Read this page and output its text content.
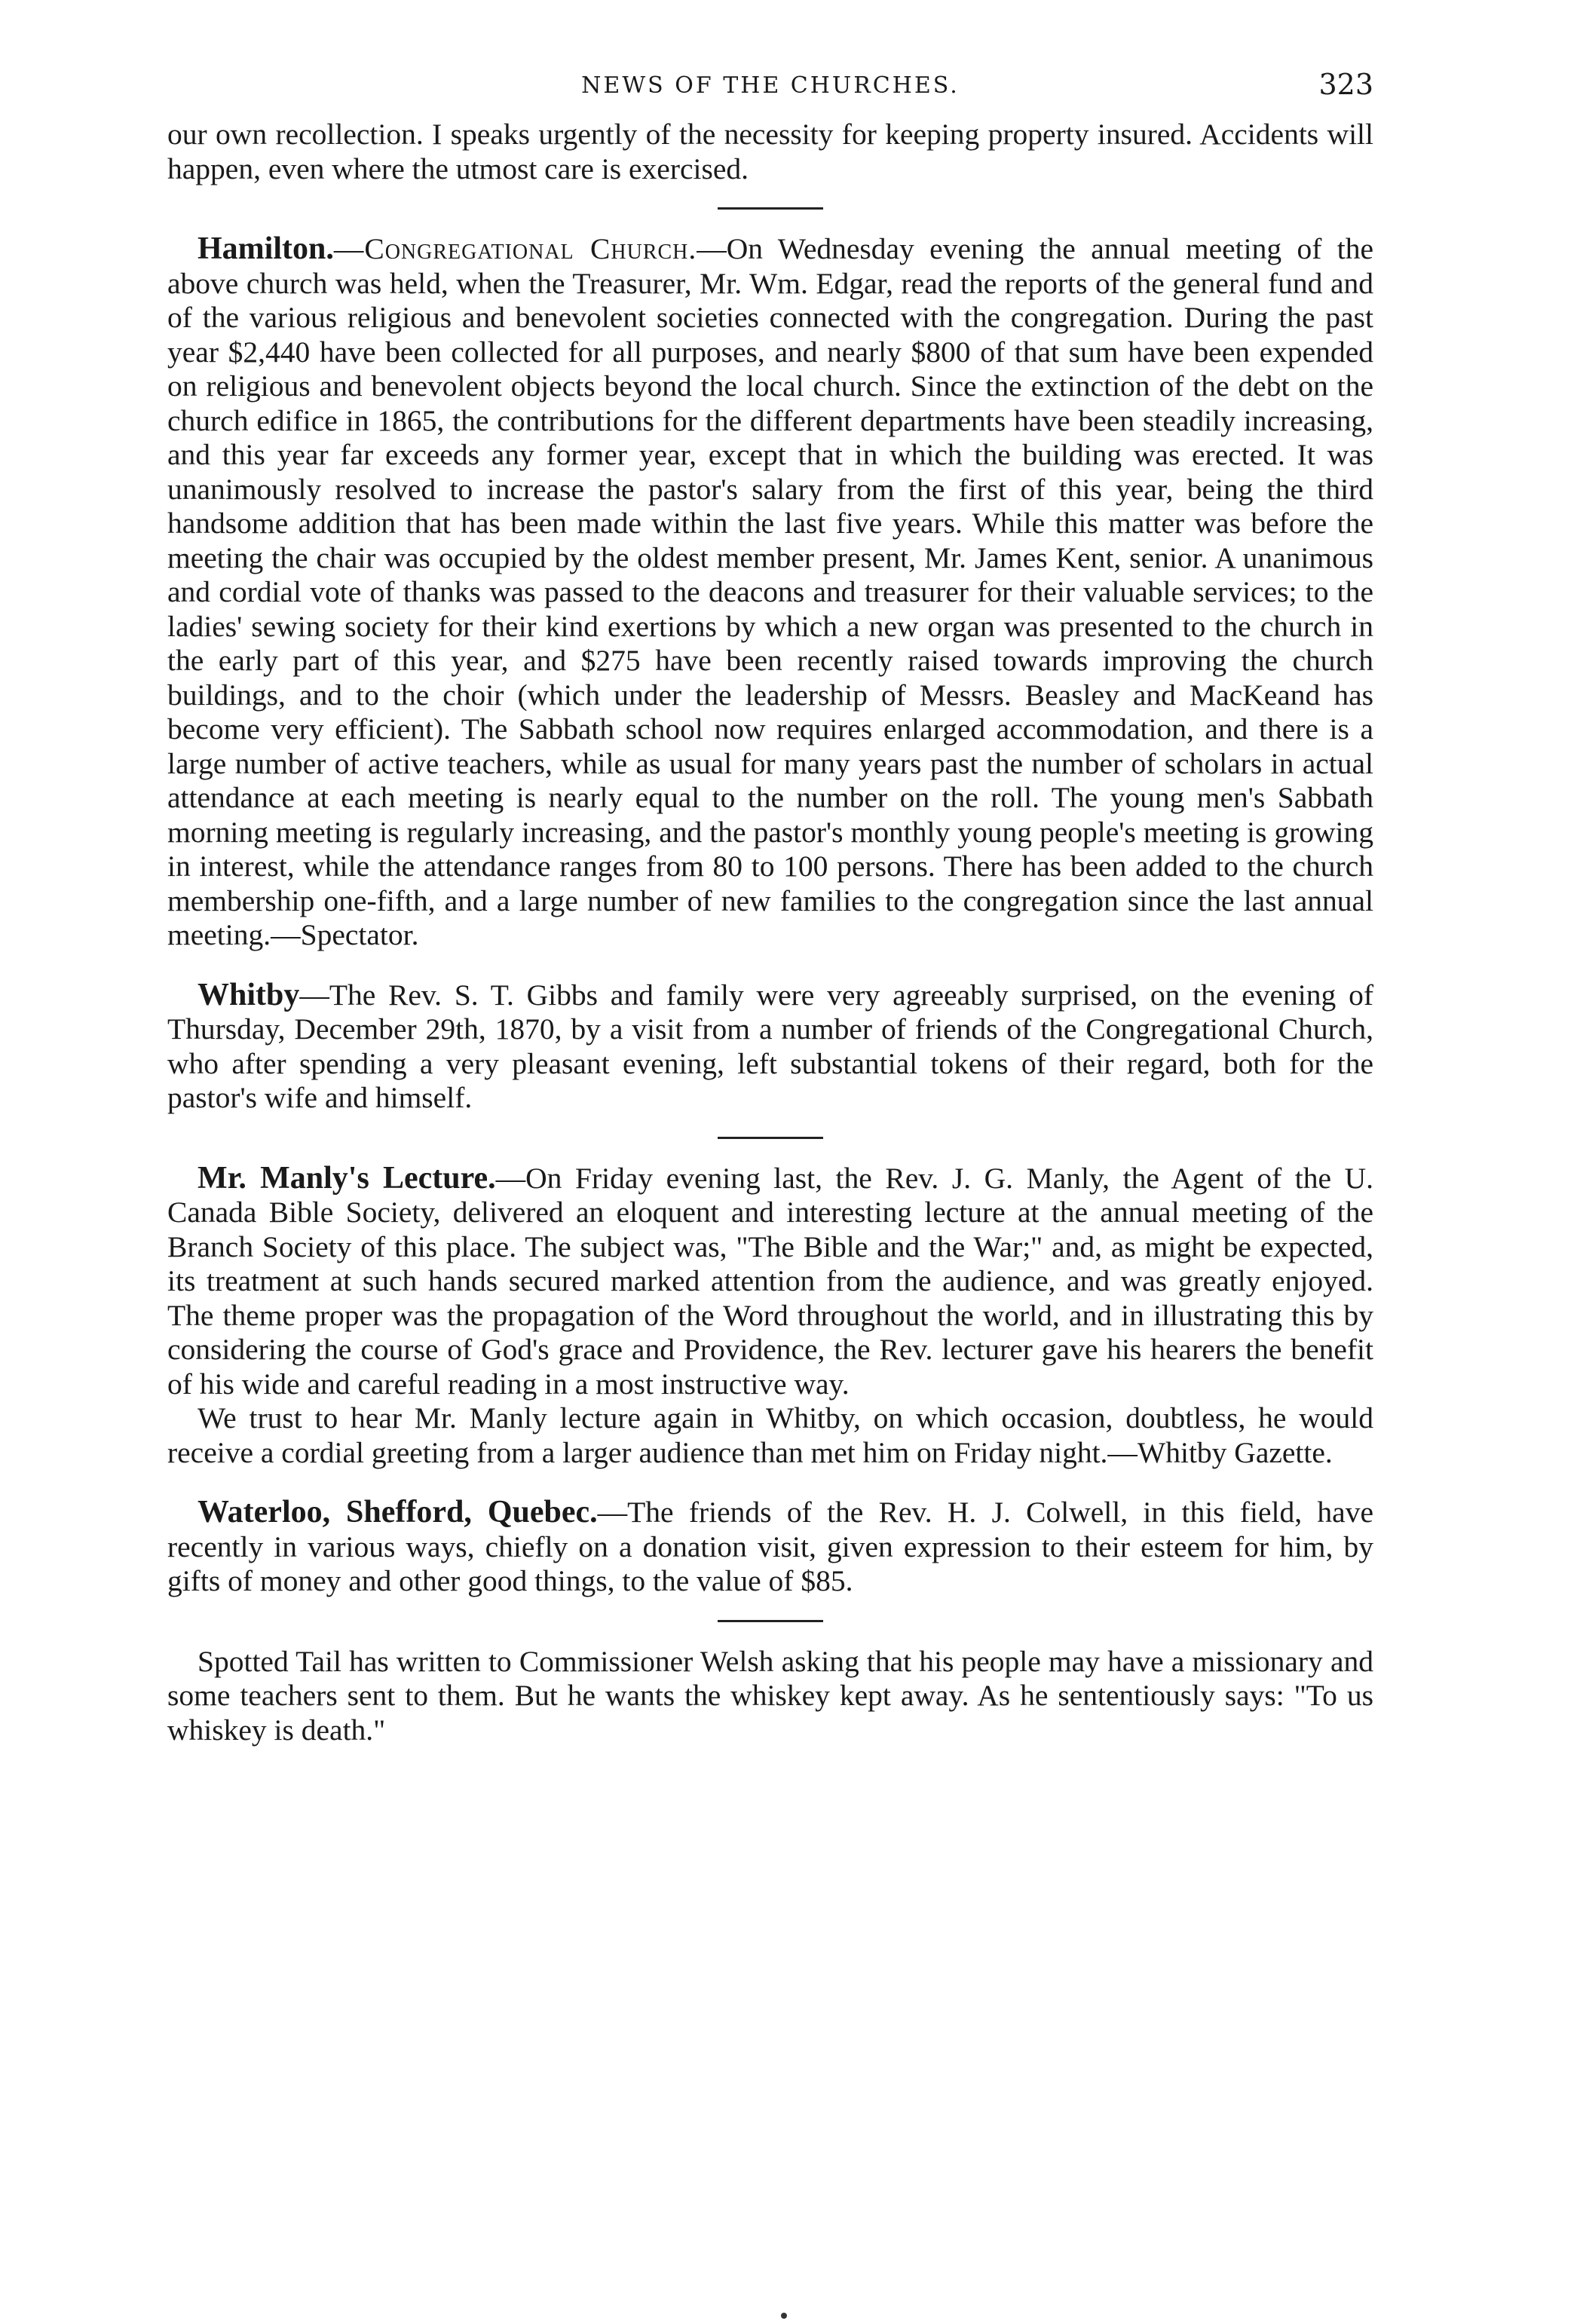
NEWS OF THE CHURCHES.	323

our own recollection. I speaks urgently of the necessity for keeping property insured. Accidents will happen, even where the utmost care is exercised.

Hamilton.—Congregational Church.—On Wednesday evening the annual meeting of the above church was held, when the Treasurer, Mr. Wm. Edgar, read the reports of the general fund and of the various religious and benevolent societies connected with the congregation. During the past year $2,440 have been collected for all purposes, and nearly $800 of that sum have been expended on religious and benevolent objects beyond the local church. Since the extinction of the debt on the church edifice in 1865, the contributions for the different departments have been steadily increasing, and this year far exceeds any former year, except that in which the building was erected. It was unanimously resolved to increase the pastor's salary from the first of this year, being the third handsome addition that has been made within the last five years. While this matter was before the meeting the chair was occupied by the oldest member present, Mr. James Kent, senior. A unanimous and cordial vote of thanks was passed to the deacons and treasurer for their valuable services; to the ladies' sewing society for their kind exertions by which a new organ was presented to the church in the early part of this year, and $275 have been recently raised towards improving the church buildings, and to the choir (which under the leadership of Messrs. Beasley and MacKeand has become very efficient). The Sabbath school now requires enlarged accommodation, and there is a large number of active teachers, while as usual for many years past the number of scholars in actual attendance at each meeting is nearly equal to the number on the roll. The young men's Sabbath morning meeting is regularly increasing, and the pastor's monthly young people's meeting is growing in interest, while the attendance ranges from 80 to 100 persons. There has been added to the church membership one-fifth, and a large number of new families to the congregation since the last annual meeting.—Spectator.

Whitby—The Rev. S. T. Gibbs and family were very agreeably surprised, on the evening of Thursday, December 29th, 1870, by a visit from a number of friends of the Congregational Church, who after spending a very pleasant evening, left substantial tokens of their regard, both for the pastor's wife and himself.

Mr. Manly's Lecture.—On Friday evening last, the Rev. J. G. Manly, the Agent of the U. Canada Bible Society, delivered an eloquent and interesting lecture at the annual meeting of the Branch Society of this place. The subject was, "The Bible and the War;" and, as might be expected, its treatment at such hands secured marked attention from the audience, and was greatly enjoyed. The theme proper was the propagation of the Word throughout the world, and in illustrating this by considering the course of God's grace and Providence, the Rev. lecturer gave his hearers the benefit of his wide and careful reading in a most instructive way.

We trust to hear Mr. Manly lecture again in Whitby, on which occasion, doubtless, he would receive a cordial greeting from a larger audience than met him on Friday night.—Whitby Gazette.

Waterloo, Shefford, Quebec.—The friends of the Rev. H. J. Colwell, in this field, have recently in various ways, chiefly on a donation visit, given expression to their esteem for him, by gifts of money and other good things, to the value of $85.

Spotted Tail has written to Commissioner Welsh asking that his people may have a missionary and some teachers sent to them. But he wants the whiskey kept away. As he sententiously says: "To us whiskey is death."
